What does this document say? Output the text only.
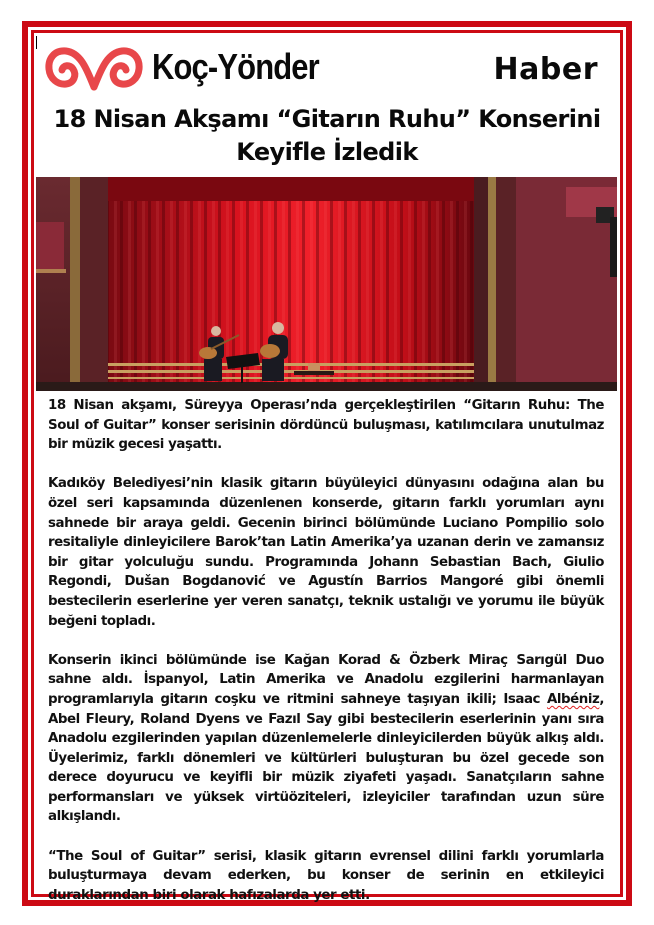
Koç-Yönder	Haber
18 Nisan Akşamı “Gitarın Ruhu” Konserini
Keyifle İzledik

18 Nisan akşamı, Süreyya Operası’nda gerçekleştirilen “Gitarın Ruhu: The Soul of Guitar” konser serisinin dördüncü buluşması, katılımcılara unutulmaz bir müzik gecesi yaşattı.

Kadıköy Belediyesi’nin klasik gitarın büyüleyici dünyasını odağına alan bu özel seri kapsamında düzenlenen konserde, gitarın farklı yorumları aynı sahnede bir araya geldi. Gecenin birinci bölümünde Luciano Pompilio solo resitaliyle dinleyicilere Barok’tan Latin Amerika’ya uzanan derin ve zamansız bir gitar yolculuğu sundu. Programında Johann Sebastian Bach, Giulio Regondi, Dušan Bogdanović ve Agustín Barrios Mangoré gibi önemli bestecilerin eserlerine yer veren sanatçı, teknik ustalığı ve yorumu ile büyük beğeni topladı.

Konserin ikinci bölümünde ise Kağan Korad & Özberk Miraç Sarıgül Duo sahne aldı. İspanyol, Latin Amerika ve Anadolu ezgilerini harmanlayan programlarıyla gitarın coşku ve ritmini sahneye taşıyan ikili; Isaac Albéniz, Abel Fleury, Roland Dyens ve Fazıl Say gibi bestecilerin eserlerinin yanı sıra Anadolu ezgilerinden yapılan düzenlemelerle dinleyicilerden büyük alkış aldı. Üyelerimiz, farklı dönemleri ve kültürleri buluşturan bu özel gecede son derece doyurucu ve keyifli bir müzik ziyafeti yaşadı. Sanatçıların sahne performansları ve yüksek virtüöziteleri, izleyiciler tarafından uzun süre alkışlandı.

“The Soul of Guitar” serisi, klasik gitarın evrensel dilini farklı yorumlarla buluşturmaya devam ederken, bu konser de serinin en etkileyici duraklarından biri olarak hafızalarda yer etti.
